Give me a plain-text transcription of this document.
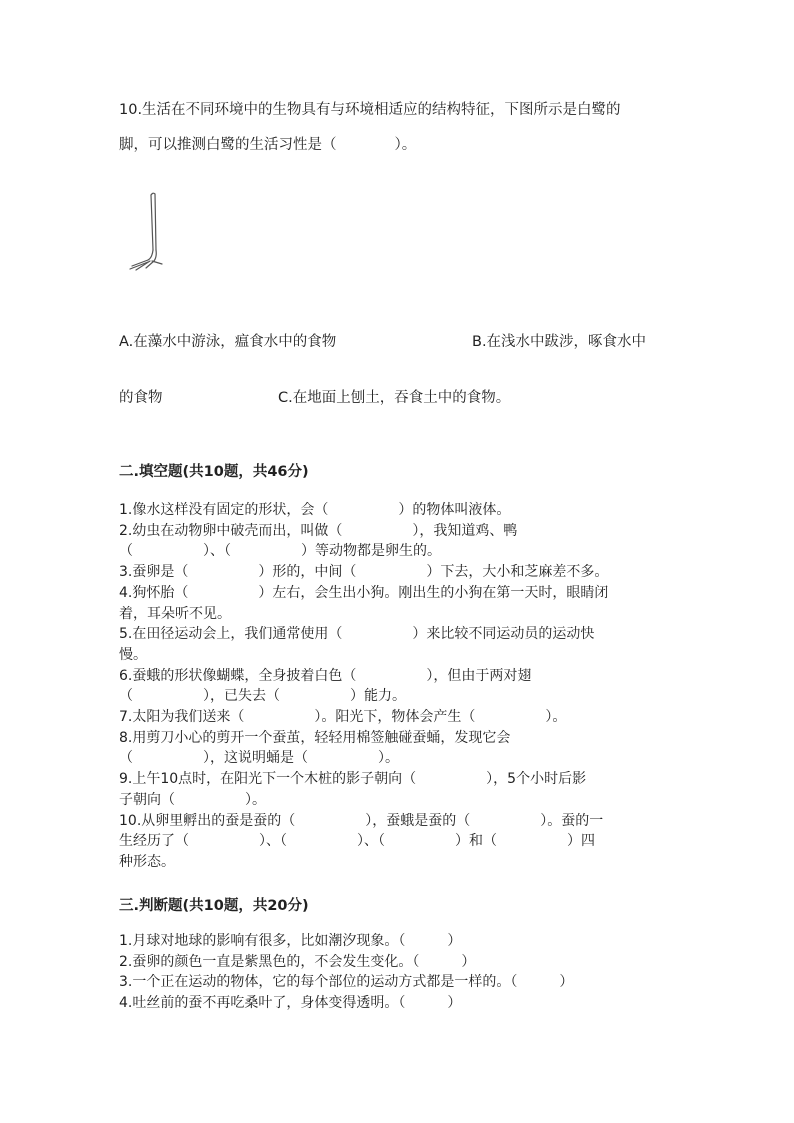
10.生活在不同环境中的生物具有与环境相适应的结构特征，下图所示是白鹭的
脚，可以推测白鹭的生活习性是（　　　　）。
A.在藻水中游泳，瘟食水中的食物	B.在浅水中跋涉，啄食水中
的食物	C.在地面上刨土，吞食土中的食物。
二.填空题(共10题，共46分)
1.像水这样没有固定的形状，会（　　　　　）的物体叫液体。
2.幼虫在动物卵中破壳而出，叫做（　　　　　），我知道鸡、鸭
（　　　　　）、（　　　　　）等动物都是卵生的。
3.蚕卵是（　　　　　）形的，中间（　　　　　）下去，大小和芝麻差不多。
4.狗怀胎（　　　　　）左右，会生出小狗。刚出生的小狗在第一天时，眼睛闭
着，耳朵听不见。
5.在田径运动会上，我们通常使用（　　　　　）来比较不同运动员的运动快
慢。
6.蚕蛾的形状像蝴蝶，全身披着白色（　　　　　），但由于两对翅
（　　　　　），已失去（　　　　　）能力。
7.太阳为我们送来（　　　　　）。阳光下，物体会产生（　　　　　）。
8.用剪刀小心的剪开一个蚕茧，轻轻用棉签触碰蚕蛹，发现它会
（　　　　　），这说明蛹是（　　　　　）。
9.上午10点时，在阳光下一个木桩的影子朝向（　　　　　），5个小时后影
子朝向（　　　　　）。
10.从卵里孵出的蚕是蚕的（　　　　　），蚕蛾是蚕的（　　　　　）。蚕的一
生经历了（　　　　　）、（　　　　　）、（　　　　　）和（　　　　　）四
种形态。
三.判断题(共10题，共20分)
1.月球对地球的影响有很多，比如潮汐现象。（　　　）
2.蚕卵的颜色一直是紫黑色的，不会发生变化。（　　　）
3.一个正在运动的物体，它的每个部位的运动方式都是一样的。（　　　）
4.吐丝前的蚕不再吃桑叶了，身体变得透明。（　　　）
